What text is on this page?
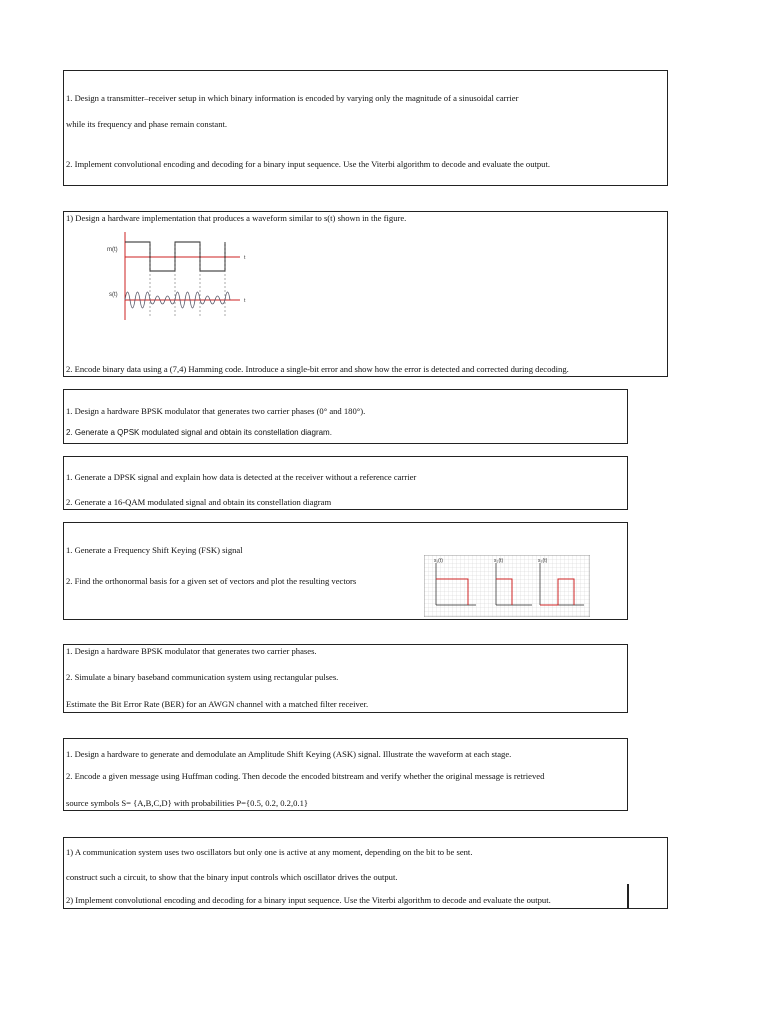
1. Design a transmitter–receiver setup in which binary information is encoded by varying only the magnitude of a sinusoidal carrier
while its frequency and phase remain constant.
2. Implement convolutional encoding and decoding for a binary input sequence. Use the Viterbi algorithm to decode and evaluate the output.
1) Design a hardware implementation that produces a waveform similar to s(t) shown in the figure.
m(t)
s(t)
t
t
2. Encode binary data using a (7,4) Hamming code. Introduce a single-bit error and show how the error is detected and corrected during decoding.
1. Design a hardware BPSK modulator that generates two carrier phases (0° and 180°).
2. Generate a QPSK modulated signal and obtain its constellation diagram.
1. Generate a DPSK signal and explain how data is detected at the receiver without a reference carrier
2. Generate a 16-QAM modulated signal and obtain its constellation diagram
1. Generate a Frequency Shift Keying (FSK) signal
2. Find the orthonormal basis for a given set of vectors and plot the resulting vectors
s₁(t)	s₂(t)	s₃(t)
1. Design a hardware BPSK modulator that generates two carrier phases.
2. Simulate a binary baseband communication system using rectangular pulses.
Estimate the Bit Error Rate (BER) for an AWGN channel with a matched filter receiver.
1. Design a hardware to generate and demodulate an Amplitude Shift Keying (ASK) signal. Illustrate the waveform at each stage.
2. Encode a given message using Huffman coding. Then decode the encoded bitstream and verify whether the original message is retrieved
source symbols S= {A,B,C,D} with probabilities P={0.5, 0.2, 0.2,0.1}
1) A communication system uses two oscillators but only one is active at any moment, depending on the bit to be sent.
construct such a circuit, to show that the binary input controls which oscillator drives the output.
2) Implement convolutional encoding and decoding for a binary input sequence. Use the Viterbi algorithm to decode and evaluate the output.
